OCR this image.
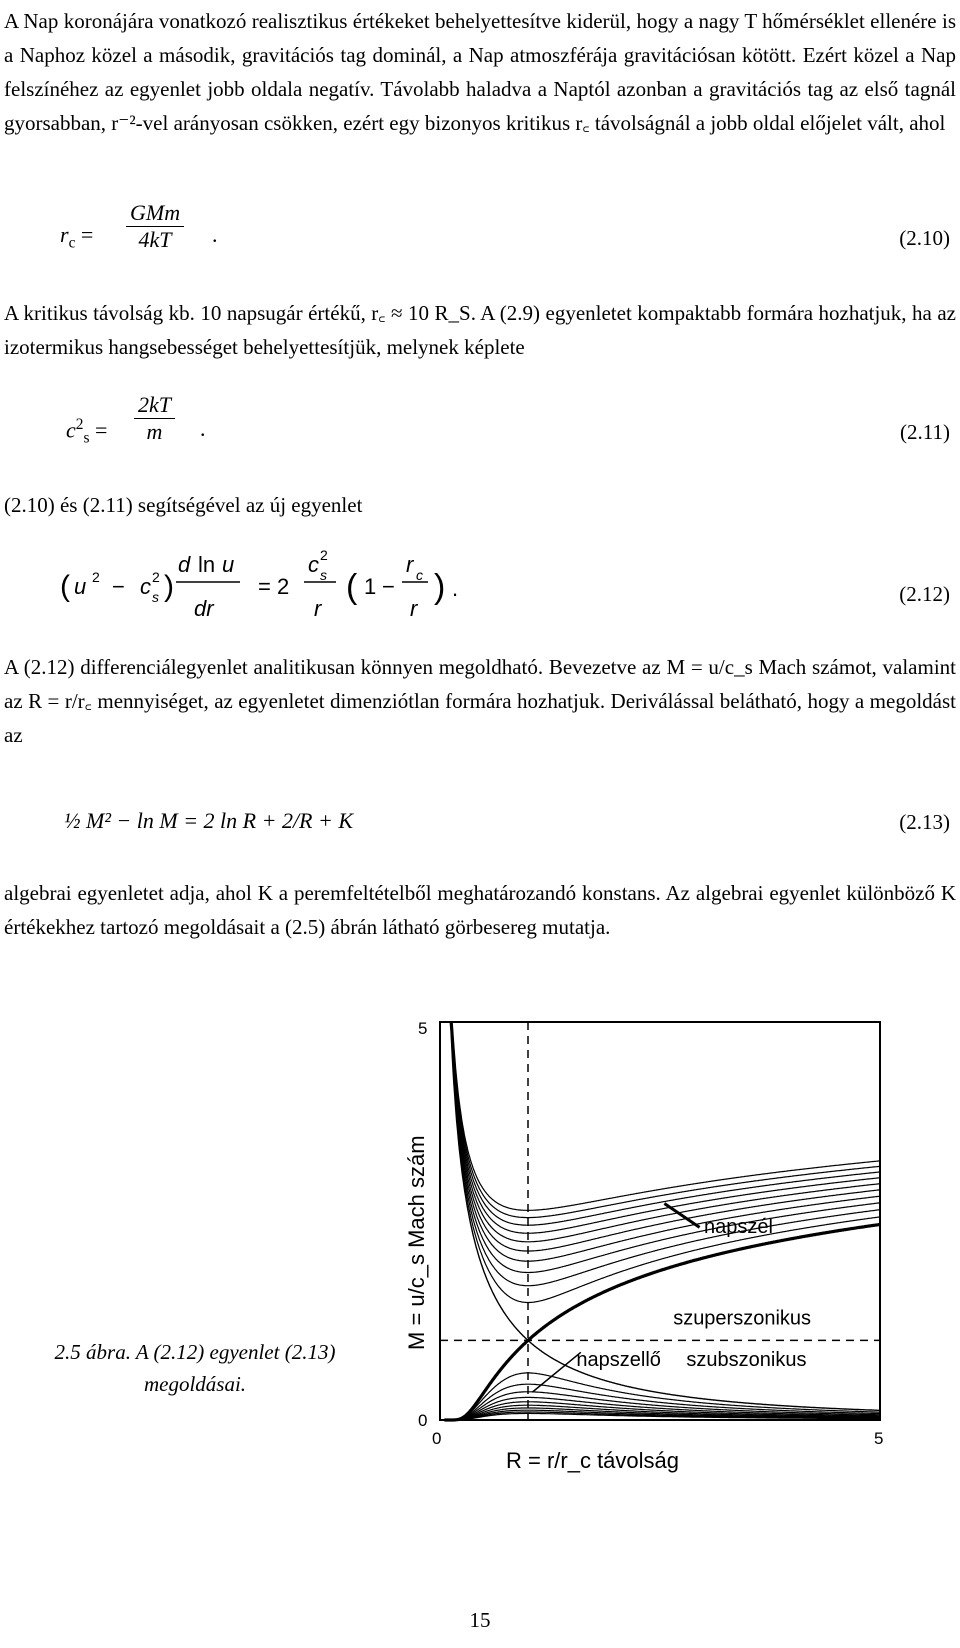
A Nap koronájára vonatkozó realisztikus értékeket behelyettesítve kiderül, hogy a nagy T hőmérséklet ellenére is a Naphoz közel a második, gravitációs tag dominál, a Nap atmoszférája gravitációsan kötött. Ezért közel a Nap felszínéhez az egyenlet jobb oldala negatív. Távolabb haladva a Naptól azonban a gravitációs tag az első tagnál gyorsabban, r⁻²-vel arányosan csökken, ezért egy bizonyos kritikus r꜀ távolságnál a jobb oldal előjelet vált, ahol

$r_c$ =
GMm
4kT	.	(2.10)

A kritikus távolság kb. 10 napsugár értékű, r꜀ ≈ 10 R_S. A (2.9) egyenletet kompaktabb formára hozhatjuk, ha az izotermikus hangsebességet behelyettesítjük, melynek képlete

$c^2_s$ =
2kT
m	.	(2.11)

(2.10) és (2.11) segítségével az új egyenlet

( u 2 − c 2
s )
d ln u
dr
= 2
c 2
s
r
( 1 −
r c
r
) .	(2.12)

A (2.12) differenciálegyenlet analitikusan könnyen megoldható. Bevezetve az M = u/c_s Mach számot, valamint az R = r/r꜀ mennyiséget, az egyenletet dimenziótlan formára hozhatjuk. Deriválással belátható, hogy a megoldást az

½ M² − ln M = 2 ln R + 2/R + K	(2.13)

algebrai egyenletet adja, ahol K a peremfeltételből meghatározandó konstans. Az algebrai egyenlet különböző K értékekhez tartozó megoldásait a (2.5) ábrán látható görbesereg mutatja.

2.5 ábra. A (2.12) egyenlet (2.13) megoldásai.
5
0
0	5
M = u/c_s Mach szám
R = r/r_c távolság
napszél
szuperszonikus
szubszonikus
napszellő
15
